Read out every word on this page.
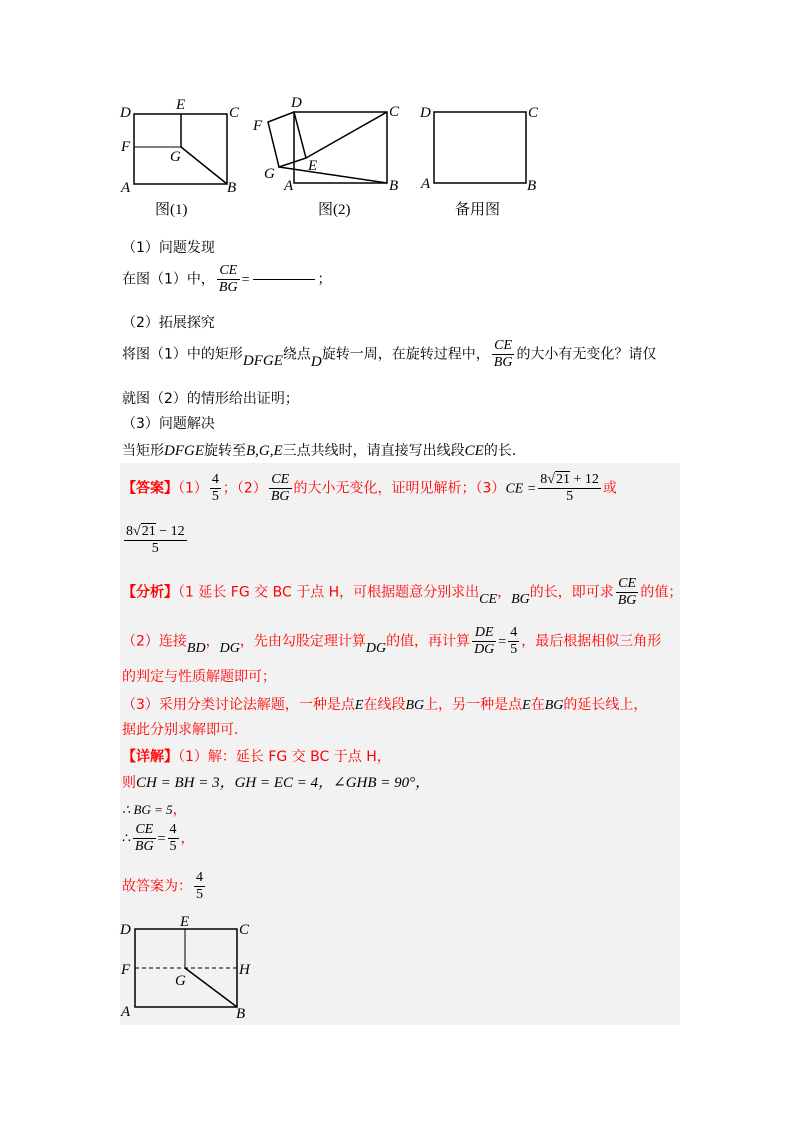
D	E	C
F
G
A	B
图(1)
D
C
F
E
G
A	B
图(2)
D	C
A	B
备用图
（1）问题发现
在图（1）中， $\frac{CE}{BG}$ =	；
（2）拓展探究
将图（1）中的矩形DFGE绕点D旋转一周，在旋转过程中， $\frac{CE}{BG}$ 的大小有无变化？请仅
就图（2）的情形给出证明；
（3）问题解决
当矩形DFGE旋转至B,G,E三点共线时，请直接写出线段CE的长.
【答案】$(1) \frac{4}{5}$ ；$(2) \frac{CE}{BG}$ 的大小无变化，证明见解析；$(3)CE = \frac{8√21 + 12}{5}$ 或
$\frac{8√21 - 12}{5}$
【分析】（1 延长 FG 交 BC 于点 H，可根据题意分别求出CE，BG的长，即可求 $\frac{CE}{BG}$ 的值；
（2）连接BD，DG，先由勾股定理计算DG的值，再计算 $\frac{DE}{DG} = \frac{4}{5}$ ，最后根据相似三角形
的判定与性质解题即可；
（3）采用分类讨论法解题，一种是点E在线段BG上，另一种是点E在BG的延长线上，
据此分别求解即可.
【详解】（1）解：延长 FG 交 BC 于点 H，
则CH = BH = 3，GH = EC = 4，∠GHB = 90°，
∴ BG = 5，
∴ $\frac{CE}{BG} = \frac{4}{5}$ ，
故答案为： $\frac{4}{5}$
D	E	C
F	H
G
A	B
